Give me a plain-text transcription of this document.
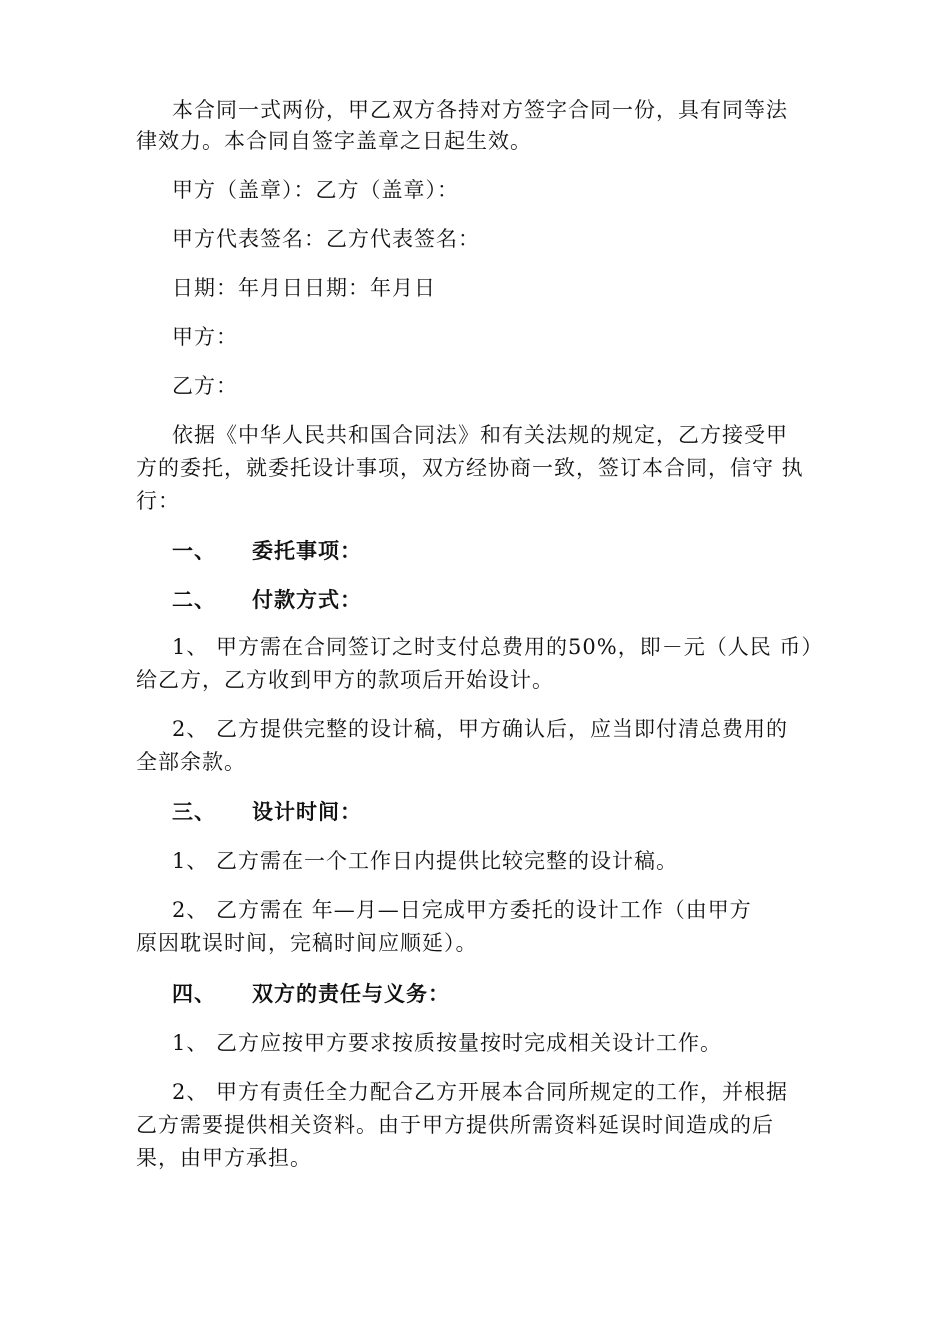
本合同一式两份，甲乙双方各持对方签字合同一份，具有同等法
律效力。本合同自签字盖章之日起生效。
甲方（盖章）：乙方（盖章）：
甲方代表签名：乙方代表签名：
日期：年月日日期：年月日
甲方：
乙方：
依据《中华人民共和国合同法》和有关法规的规定，乙方接受甲
方的委托，就委托设计事项，双方经协商一致，签订本合同，信守 执
行：
一、 委托事项：
二、 付款方式：
1、 甲方需在合同签订之时支付总费用的50%，即－元（人民 币）
给乙方，乙方收到甲方的款项后开始设计。
2、 乙方提供完整的设计稿，甲方确认后，应当即付清总费用的
全部余款。
三、 设计时间：
1、 乙方需在一个工作日内提供比较完整的设计稿。
2、 乙方需在 年—月—日完成甲方委托的设计工作（由甲方
原因耽误时间，完稿时间应顺延）。
四、 双方的责任与义务：
1、 乙方应按甲方要求按质按量按时完成相关设计工作。
2、 甲方有责任全力配合乙方开展本合同所规定的工作，并根据
乙方需要提供相关资料。由于甲方提供所需资料延误时间造成的后
果，由甲方承担。
